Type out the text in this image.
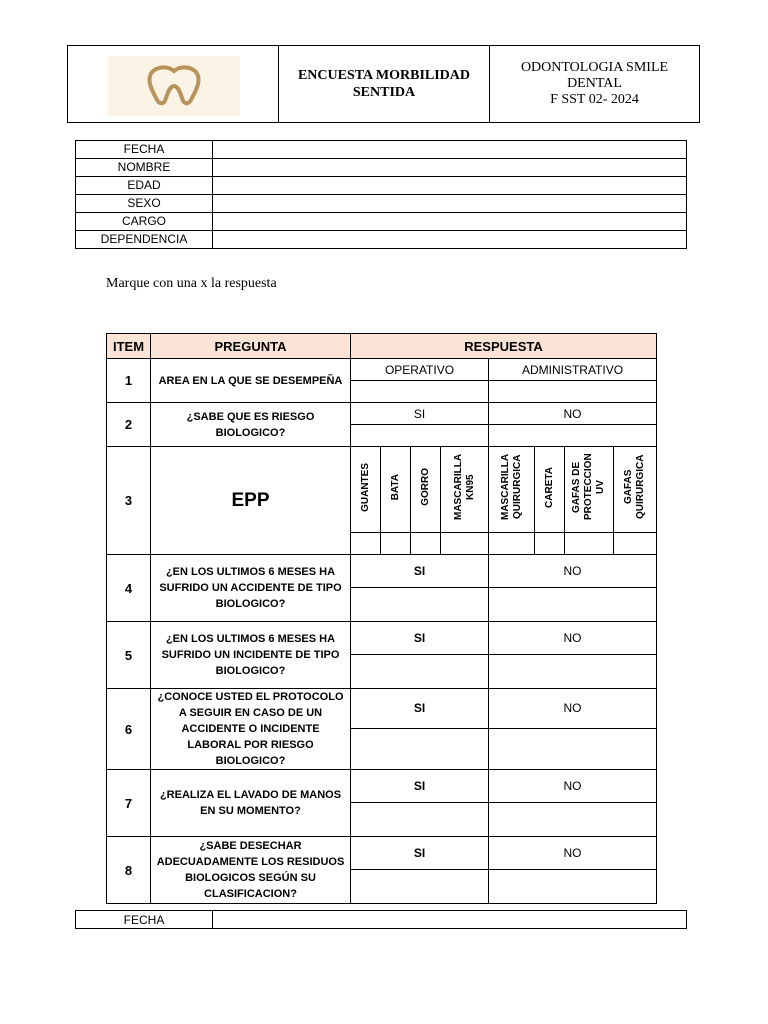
ENCUESTA MORBILIDAD SENTIDA
ODONTOLOGIA SMILE
DENTAL
F SST 02- 2024
FECHA	
NOMBRE	
EDAD	
SEXO	
CARGO	
DEPENDENCIA	
Marque con una x la respuesta
ITEM	PREGUNTA	RESPUESTA							
1	AREA EN LA QUE SE DESEMPEÑA	OPERATIVO				ADMINISTRATIVO			

2	¿SABE QUE ES RIESGO BIOLOGICO?	SI				NO			

3	EPP	GUANTES	BATA	GORRO	MASCARILLA KN95	MASCARILLA QUIRURGICA	CARETA	GAFAS DE PROTECCION UV	GAFAS QUIRURGICA

4	¿EN LOS ULTIMOS 6 MESES HA SUFRIDO UN ACCIDENTE DE TIPO BIOLOGICO?	SI				NO			

5	¿EN LOS ULTIMOS 6 MESES HA SUFRIDO UN INCIDENTE DE TIPO BIOLOGICO?	SI				NO			

6	¿CONOCE USTED EL PROTOCOLO A SEGUIR EN CASO DE UN ACCIDENTE O INCIDENTE LABORAL POR RIESGO BIOLOGICO?	SI				NO			

7	¿REALIZA EL LAVADO DE MANOS EN SU MOMENTO?	SI				NO			

8	¿SABE DESECHAR ADECUADAMENTE LOS RESIDUOS BIOLOGICOS SEGÚN SU CLASIFICACION?	SI				NO			

FECHA	
